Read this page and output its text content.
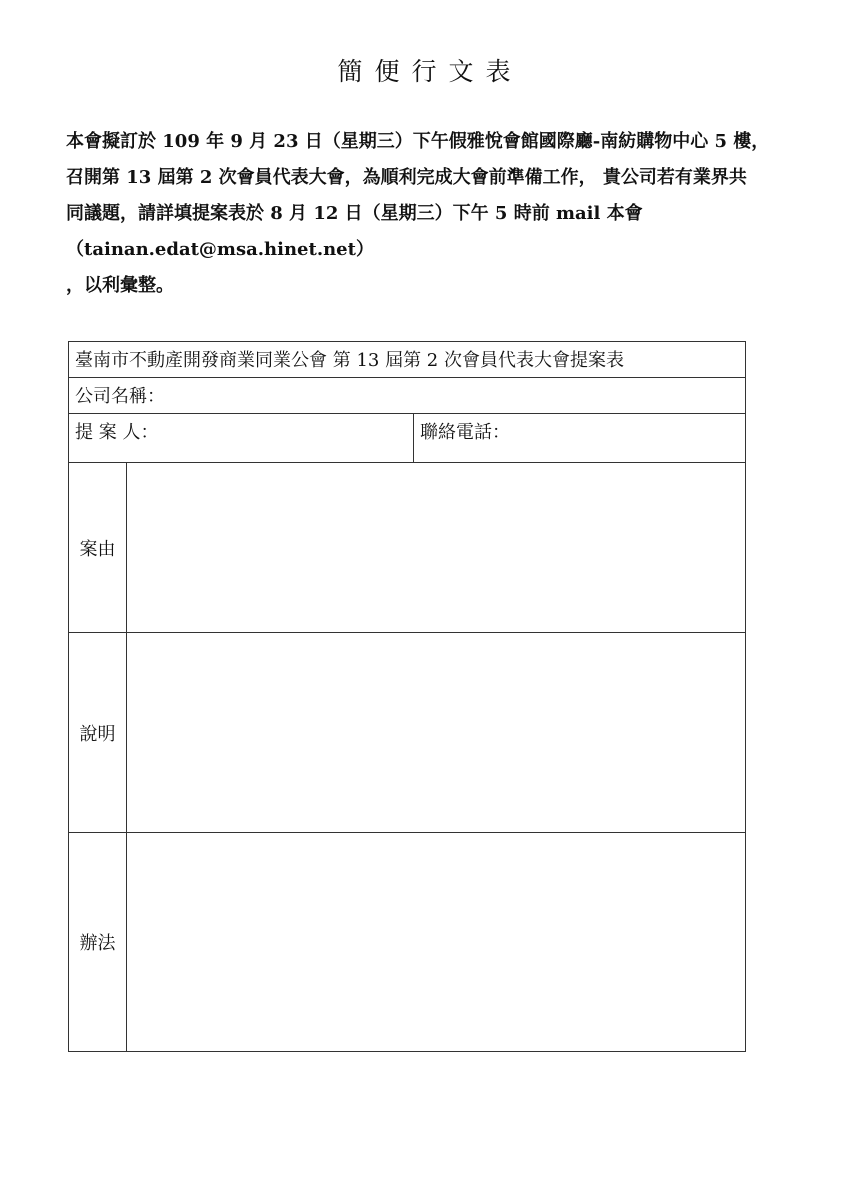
簡便行文表
本會擬訂於 109 年 9 月 23 日（星期三）下午假雅悅會館國際廳-南紡購物中心 5 樓，
召開第 13 屆第 2 次會員代表大會，為順利完成大會前準備工作， 貴公司若有業界共
同議題，請詳填提案表於 8 月 12 日（星期三）下午 5 時前 mail 本會
（tainan.edat@msa.hinet.net）
，以利彙整。
臺南市不動產開發商業同業公會 第 13 屆第 2 次會員代表大會提案表
公司名稱：
提 案 人：	聯絡電話：
案由
說明
辦法
